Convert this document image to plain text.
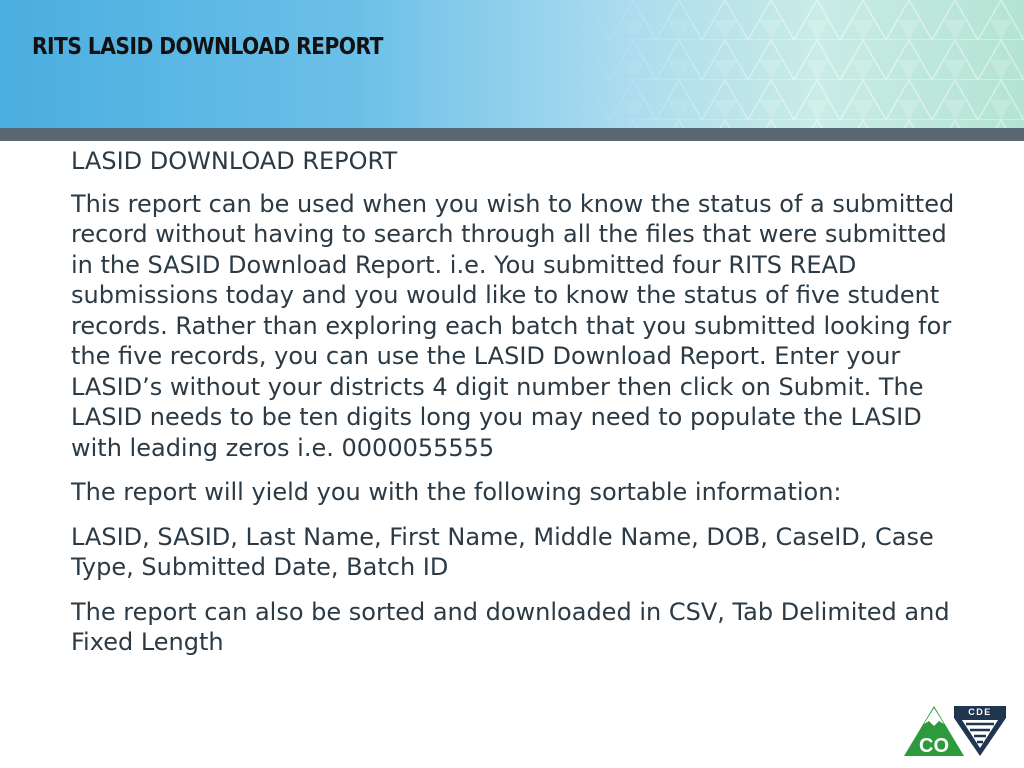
RITS LASID DOWNLOAD REPORT

LASID DOWNLOAD REPORT

This report can be used when you wish to know the status of a submitted record without having to search through all the files that were submitted in the SASID Download Report. i.e. You submitted four RITS READ submissions today and you would like to know the status of five student records. Rather than exploring each batch that you submitted looking for the five records, you can use the LASID Download Report. Enter your LASID’s without your districts 4 digit number then click on Submit. The LASID needs to be ten digits long you may need to populate the LASID with leading zeros i.e. 0000055555

The report will yield you with the following sortable information:

LASID, SASID, Last Name, First Name, Middle Name, DOB, CaseID, Case Type, Submitted Date, Batch ID

The report can also be sorted and downloaded in CSV, Tab Delimited and Fixed Length

CO
CDE
